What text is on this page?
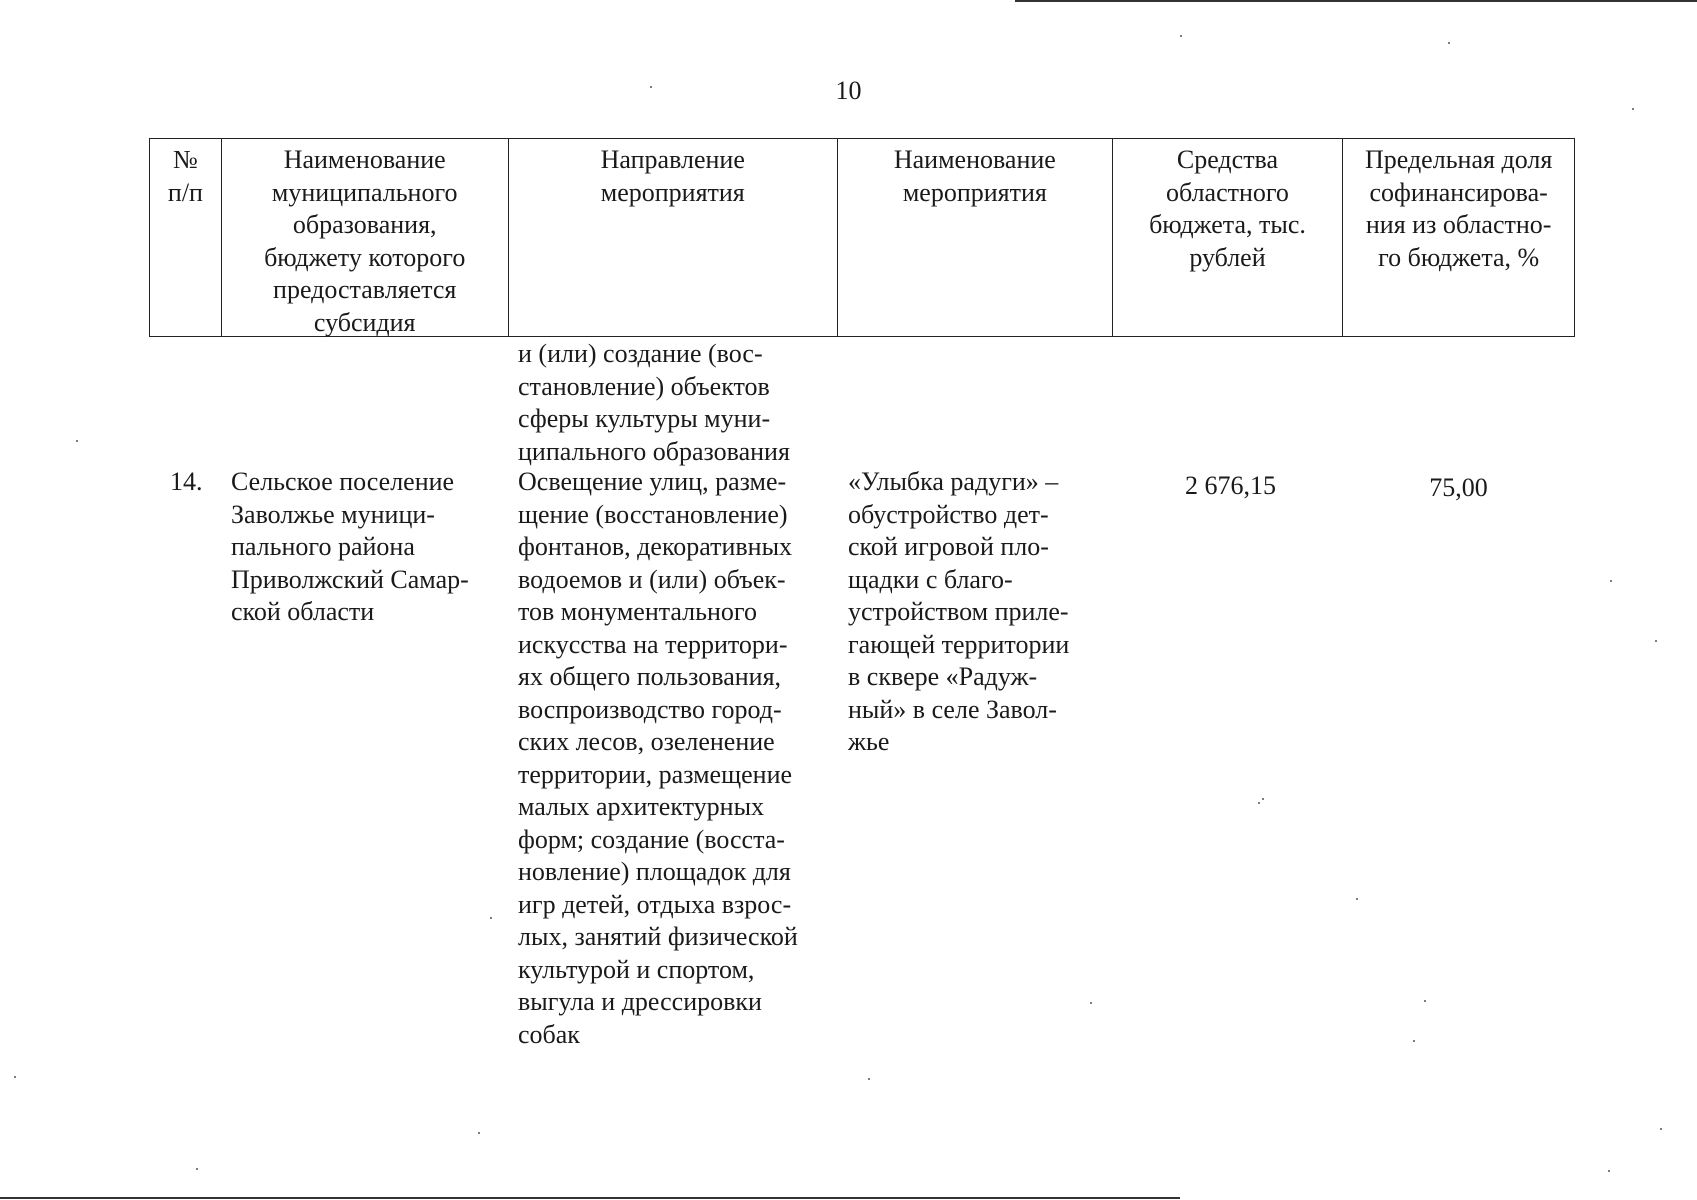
10
№
п/п
Наименование
муниципального
образования,
бюджету которого
предоставляется
субсидия
Направление
мероприятия
Наименование
мероприятия
Средства
областного
бюджета, тыс.
рублей
Предельная доля
софинансирова-
ния из областно-
го бюджета, %
и (или) создание (вос-
становление) объектов
сферы культуры муни-
ципального образования
14. Сельское поселение
Заволжье муници-
пального района
Приволжский Самар-
ской области
Освещение улиц, разме-
щение (восстановление)
фонтанов, декоративных
водоемов и (или) объек-
тов монументального
искусства на территори-
ях общего пользования,
воспроизводство город-
ских лесов, озеленение
территории, размещение
малых архитектурных
форм; создание (восста-
новление) площадок для
игр детей, отдыха взрос-
лых, занятий физической
культурой и спортом,
выгула и дрессировки
собак
«Улыбка радуги» –
обустройство дет-
ской игровой пло-
щадки с благо-
устройством приле-
гающей территории
в сквере «Радуж-
ный» в селе Завол-
жье
2 676,15	75,00
